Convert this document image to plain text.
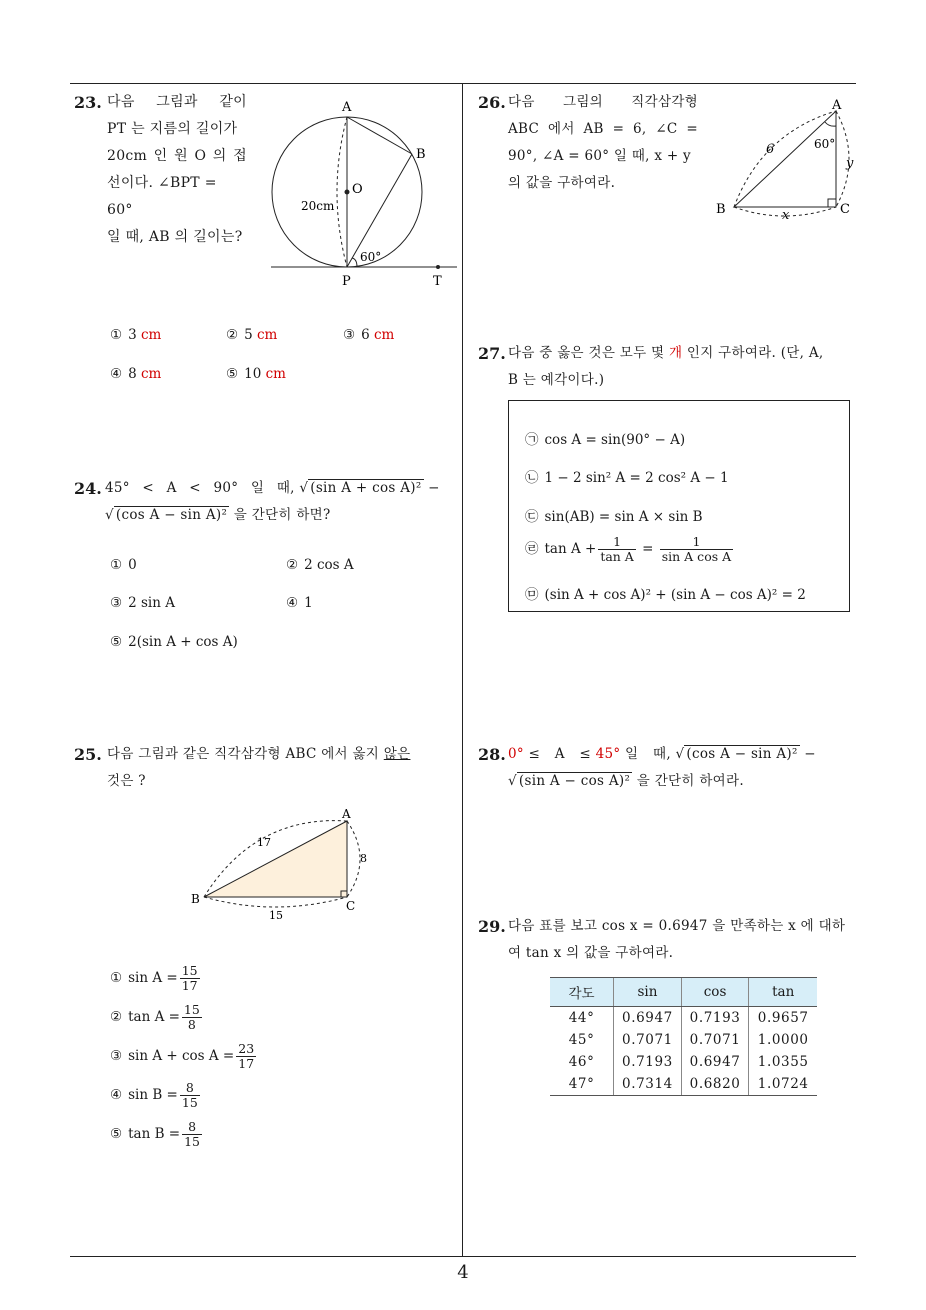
23. 다음 그림과 같이
PT 는 지름의 길이가
20cm 인 원 O 의 접
선이다. ∠BPT = 60°
일 때, AB 의 길이는?
A
B
O
P	T
20cm
60°
① 3 cm	② 5 cm	③ 6 cm
④ 8 cm	⑤ 10 cm
24. 45° < A < 90° 일 때, √ (sin A + cos A)² −
√ (cos A − sin A)² 을 간단히 하면?
① 0	② 2 cos A
③ 2 sin A	④ 1
⑤ 2(sin A + cos A)
25. 다음 그림과 같은 직각삼각형 ABC 에서 옳지 않은
것은 ?
A
B	C
17
8
15
① $\sin A = \frac{15}{17}$
② $\tan A = \frac{15}{8}$
③ $\sin A + \cos A = \frac{23}{17}$
④ $\sin B = \frac{8}{15}$
⑤ $\tan B = \frac{8}{15}$
26. 다음 그림의 직각삼각형
ABC 에서 AB = 6, ∠C =
90°, ∠A = 60° 일 때, x + y
의 값을 구하여라.
A
B	C
6	60°
x
y
27. 다음 중 옳은 것은 모두 몇 개 인지 구하여라. (단, A,
B 는 예각이다.)
㉠ cos A = sin(90° − A)
㉡ 1 − 2 sin² A = 2 cos² A − 1
㉢ sin(AB) = sin A × sin B
㉣ $\tan A + \frac{1}{\text{tan A}} = \frac{1}{\text{sin A cos A}}$
㉤ (sin A + cos A)² + (sin A − cos A)² = 2
28. 0° ≤ A ≤ 45° 일 때, √ (cos A − sin A)² −
√ (sin A − cos A)² 을 간단히 하여라.
29. 다음 표를 보고 cos x = 0.6947 을 만족하는 x 에 대하
여 tan x 의 값을 구하여라.
각도	sin	cos	tan
44°	0.6947	0.7193	0.9657
45°	0.7071	0.7071	1.0000
46°	0.7193	0.6947	1.0355
47°	0.7314	0.6820	1.0724
4
